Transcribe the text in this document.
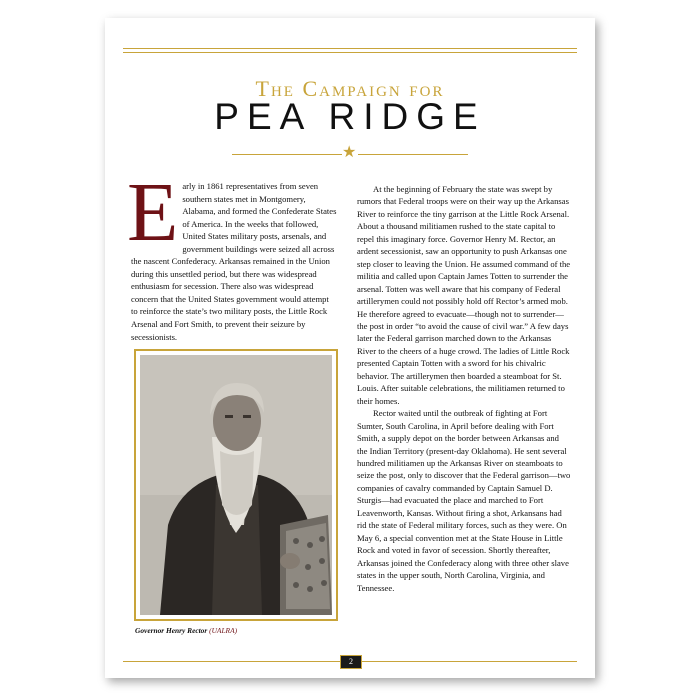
The Campaign for
PEA RIDGE
★
E arly in 1861 representatives from seven southern states met in Montgomery, Alabama, and formed the Confederate States of America. In the weeks that followed, United States military posts, arsenals, and government buildings were seized all across the nascent Confederacy. Arkansas remained in the Union during this unsettled period, but there was widespread enthusiasm for secession. There also was widespread concern that the United States government would attempt to reinforce the state’s two military posts, the Little Rock Arsenal and Fort Smith, to prevent their seizure by secessionists.

Governor Henry Rector (UALRA)

At the beginning of February the state was swept by rumors that Federal troops were on their way up the Arkansas River to reinforce the tiny garrison at the Little Rock Arsenal. About a thousand militiamen rushed to the state capital to repel this imaginary force. Governor Henry M. Rector, an ardent secessionist, saw an opportunity to push Arkansas one step closer to leaving the Union. He assumed command of the militia and called upon Captain James Totten to surrender the arsenal. Totten was well aware that his company of Federal artillerymen could not possibly hold off Rector’s armed mob. He therefore agreed to evacuate—though not to surrender—the post in order “to avoid the cause of civil war.” A few days later the Federal garrison marched down to the Arkansas River to the cheers of a huge crowd. The ladies of Little Rock presented Captain Totten with a sword for his chivalric behavior. The artillerymen then boarded a steamboat for St. Louis. After suitable celebrations, the militiamen returned to their homes.

Rector waited until the outbreak of fighting at Fort Sumter, South Carolina, in April before dealing with Fort Smith, a supply depot on the border between Arkansas and the Indian Territory (present-day Oklahoma). He sent several hundred militiamen up the Arkansas River on steamboats to seize the post, only to discover that the Federal garrison—two companies of cavalry commanded by Captain Samuel D. Sturgis—had evacuated the place and marched to Fort Leavenworth, Kansas. Without firing a shot, Arkansans had rid the state of Federal military forces, such as they were. On May 6, a special convention met at the State House in Little Rock and voted in favor of secession. Shortly thereafter, Arkansas joined the Confederacy along with three other slave states in the upper south, North Carolina, Virginia, and Tennessee.

2
